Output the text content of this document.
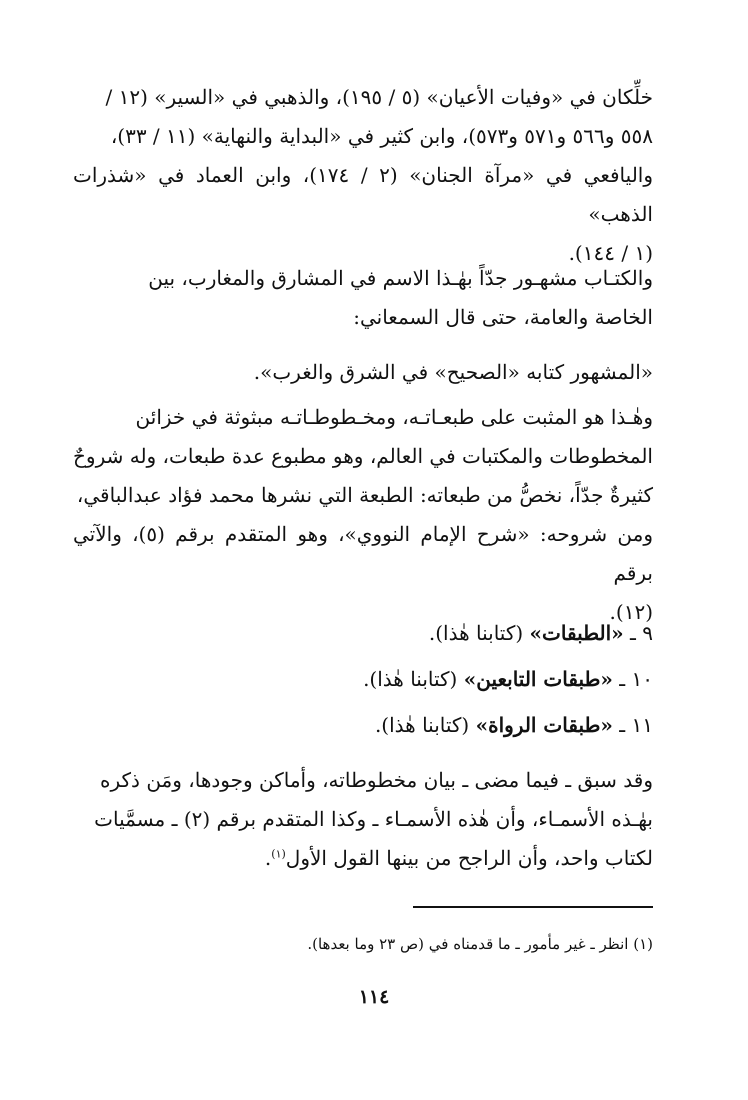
خلِّكان في «وفيات الأعيان» (٥ / ١٩٥)، والذهبي في «السير» (١٢ /
٥٥٨ و٥٦٦ و٥٧١ و٥٧٣)، وابن كثير في «البداية والنهاية» (١١ / ٣٣)،
واليافعي في «مرآة الجنان» (٢ / ١٧٤)، وابن العماد في «شذرات الذهب»
(١ / ١٤٤).
والكتـاب مشهـور جدّاً بهٰـذا الاسم في المشارق والمغارب، بين
الخاصة والعامة، حتى قال السمعاني:
«المشهور كتابه «الصحيح» في الشرق والغرب».
وهٰـذا هو المثبت على طبعـاتـه، ومخـطوطـاتـه مبثوثة في خزائن
المخطوطات والمكتبات في العالم، وهو مطبوع عدة طبعات، وله شروحٌ
كثيرةٌ جدّاً، نخصُّ من طبعاته: الطبعة التي نشرها محمد فؤاد عبدالباقي،
ومن شروحه: «شرح الإمام النووي»، وهو المتقدم برقم (٥)، والآتي برقم
(١٢).
٩ ـ «الطبقات» (كتابنا هٰذا).
١٠ ـ «طبقات التابعين» (كتابنا هٰذا).
١١ ـ «طبقات الرواة» (كتابنا هٰذا).
وقد سبق ـ فيما مضى ـ بيان مخطوطاته، وأماكن وجودها، ومَن ذكره
بهٰـذه الأسمـاء، وأن هٰذه الأسمـاء ـ وكذا المتقدم برقم (٢) ـ مسمَّيات
لكتاب واحد، وأن الراجح من بينها القول الأول$^{(١)}$.
(١) انظر ـ غير مأمور ـ ما قدمناه في (ص ٢٣ وما بعدها).
١١٤
